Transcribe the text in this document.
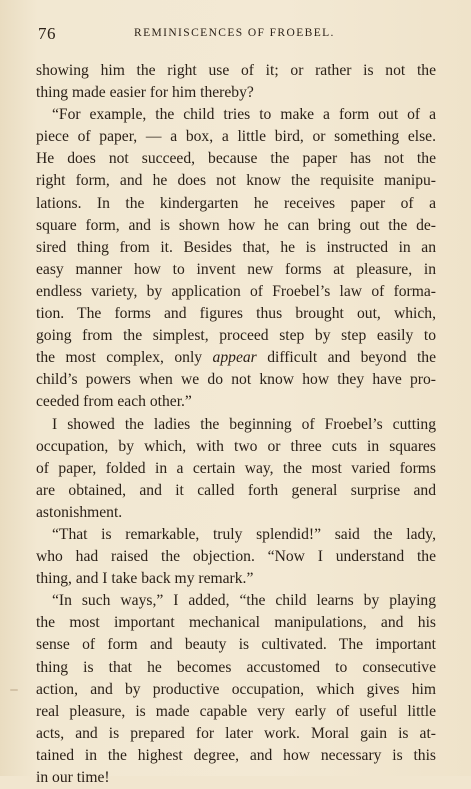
76	REMINISCENCES OF FROEBEL.

showing him the right use of it; or rather is not the
thing made easier for him thereby?

“For example, the child tries to make a form out of a
piece of paper, — a box, a little bird, or something else.
He does not succeed, because the paper has not the
right form, and he does not know the requisite manipu-
lations. In the kindergarten he receives paper of a
square form, and is shown how he can bring out the de-
sired thing from it. Besides that, he is instructed in an
easy manner how to invent new forms at pleasure, in
endless variety, by application of Froebel’s law of forma-
tion. The forms and figures thus brought out, which,
going from the simplest, proceed step by step easily to
the most complex, only appear difficult and beyond the
child’s powers when we do not know how they have pro-
ceeded from each other.”

I showed the ladies the beginning of Froebel’s cutting
occupation, by which, with two or three cuts in squares
of paper, folded in a certain way, the most varied forms
are obtained, and it called forth general surprise and
astonishment.

“That is remarkable, truly splendid!” said the lady,
who had raised the objection. “Now I understand the
thing, and I take back my remark.”

“In such ways,” I added, “the child learns by playing
the most important mechanical manipulations, and his
sense of form and beauty is cultivated. The important
thing is that he becomes accustomed to consecutive
action, and by productive occupation, which gives him
real pleasure, is made capable very early of useful little
acts, and is prepared for later work. Moral gain is at-
tained in the highest degree, and how necessary is this
in our time!
